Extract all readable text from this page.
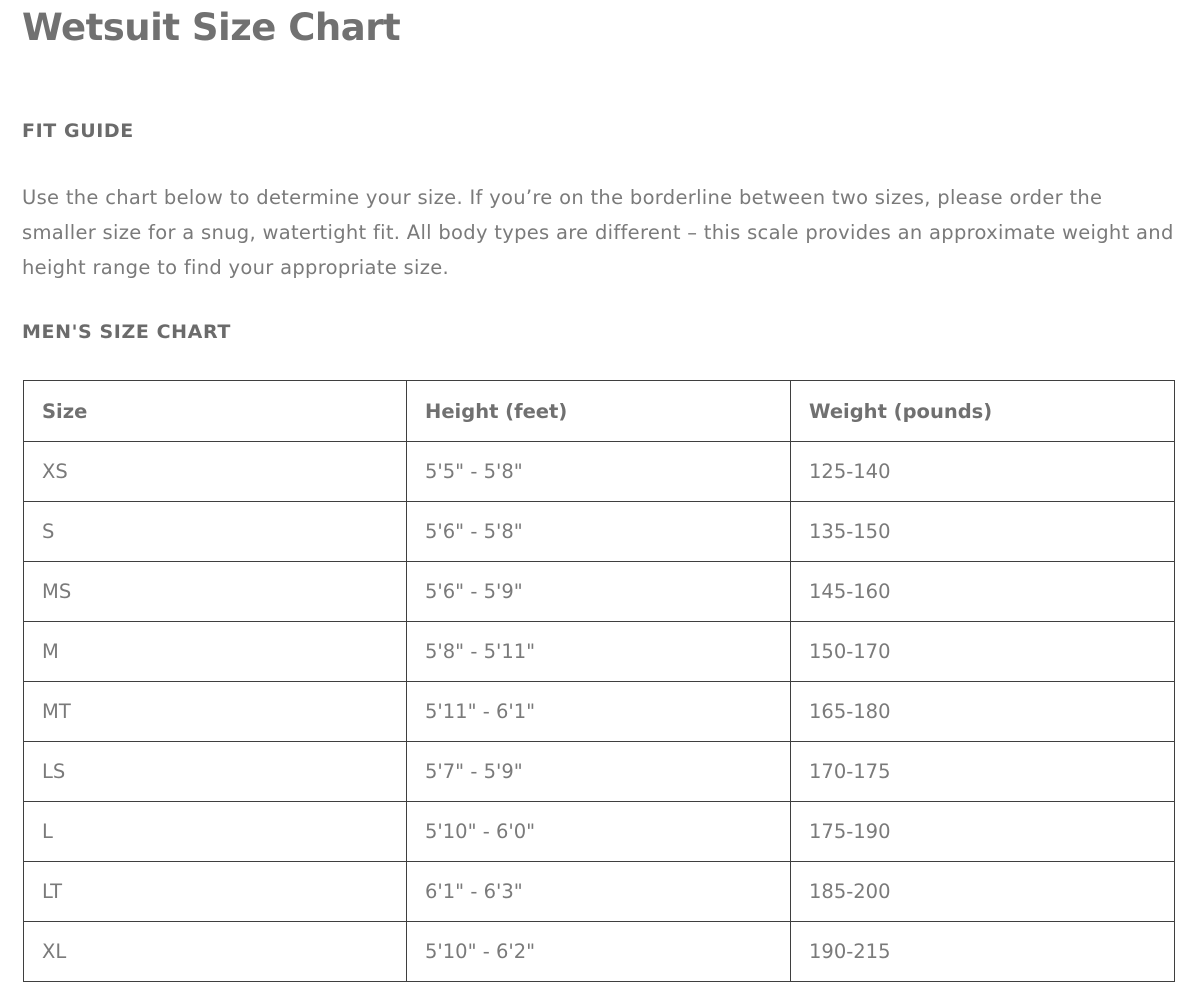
Wetsuit Size Chart
FIT GUIDE

Use the chart below to determine your size. If you’re on the borderline between two sizes, please order the smaller size for a snug, watertight fit. All body types are different – this scale provides an approximate weight and height range to find your appropriate size.

MEN'S SIZE CHART
Size	Height (feet)	Weight (pounds)
XS	5'5" - 5'8"	125-140
S	5'6" - 5'8"	135-150
MS	5'6" - 5'9"	145-160
M	5'8" - 5'11"	150-170
MT	5'11" - 6'1"	165-180
LS	5'7" - 5'9"	170-175
L	5'10" - 6'0"	175-190
LT	6'1" - 6'3"	185-200
XL	5'10" - 6'2"	190-215
